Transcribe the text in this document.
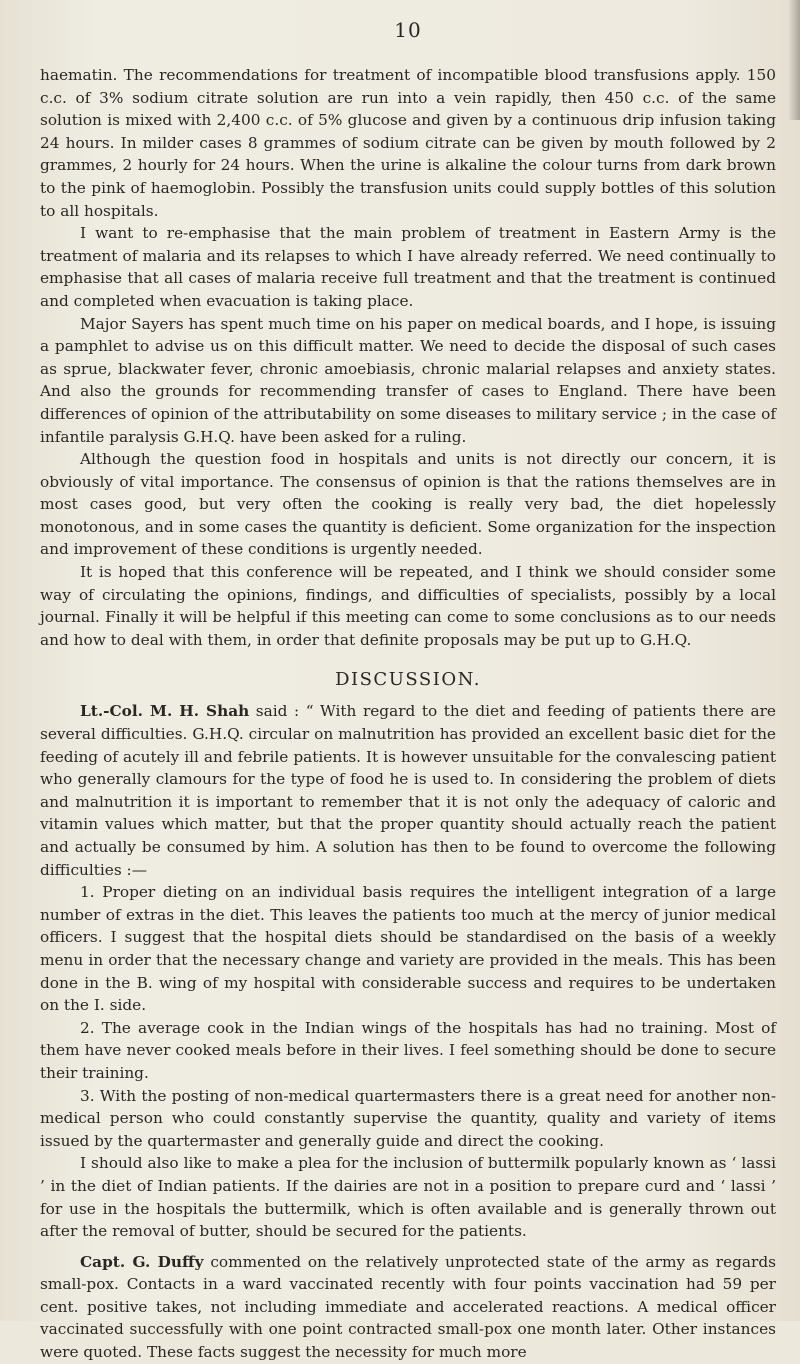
10

haematin. The recommendations for treatment of incompatible blood transfusions apply. 150 c.c. of 3% sodium citrate solution are run into a vein rapidly, then 450 c.c. of the same solution is mixed with 2,400 c.c. of 5% glucose and given by a continuous drip infusion taking 24 hours. In milder cases 8 grammes of sodium citrate can be given by mouth followed by 2 grammes, 2 hourly for 24 hours. When the urine is alkaline the colour turns from dark brown to the pink of haemoglobin. Possibly the transfusion units could supply bottles of this solution to all hospitals.

I want to re-emphasise that the main problem of treatment in Eastern Army is the treatment of malaria and its relapses to which I have already referred. We need continually to emphasise that all cases of malaria receive full treatment and that the treatment is continued and completed when evacuation is taking place.

Major Sayers has spent much time on his paper on medical boards, and I hope, is issuing a pamphlet to advise us on this difficult matter. We need to decide the disposal of such cases as sprue, blackwater fever, chronic amoebiasis, chronic malarial relapses and anxiety states. And also the grounds for recommending transfer of cases to England. There have been differences of opinion of the attributability on some diseases to military service ; in the case of infantile paralysis G.H.Q. have been asked for a ruling.

Although the question food in hospitals and units is not directly our concern, it is obviously of vital importance. The consensus of opinion is that the rations themselves are in most cases good, but very often the cooking is really very bad, the diet hopelessly monotonous, and in some cases the quantity is deficient. Some organization for the inspection and improvement of these conditions is urgently needed.

It is hoped that this conference will be repeated, and I think we should consider some way of circulating the opinions, findings, and difficulties of specialists, possibly by a local journal. Finally it will be helpful if this meeting can come to some conclusions as to our needs and how to deal with them, in order that definite proposals may be put up to G.H.Q.

DISCUSSION.

Lt.-Col. M. H. Shah said : “ With regard to the diet and feeding of patients there are several difficulties. G.H.Q. circular on malnutrition has provided an excellent basic diet for the feeding of acutely ill and febrile patients. It is however unsuitable for the convalescing patient who generally clamours for the type of food he is used to. In considering the problem of diets and malnutrition it is important to remember that it is not only the adequacy of caloric and vitamin values which matter, but that the proper quantity should actually reach the patient and actually be consumed by him. A solution has then to be found to overcome the following difficulties :—

1. Proper dieting on an individual basis requires the intelligent integration of a large number of extras in the diet. This leaves the patients too much at the mercy of junior medical officers. I suggest that the hospital diets should be standardised on the basis of a weekly menu in order that the necessary change and variety are provided in the meals. This has been done in the B. wing of my hospital with considerable success and requires to be undertaken on the I. side.

2. The average cook in the Indian wings of the hospitals has had no training. Most of them have never cooked meals before in their lives. I feel something should be done to secure their training.

3. With the posting of non-medical quartermasters there is a great need for another non-medical person who could constantly supervise the quantity, quality and variety of items issued by the quartermaster and generally guide and direct the cooking.

I should also like to make a plea for the inclusion of buttermilk popularly known as ‘ lassi ’ in the diet of Indian patients. If the dairies are not in a position to prepare curd and ‘ lassi ’ for use in the hospitals the buttermilk, which is often available and is generally thrown out after the removal of butter, should be secured for the patients.

Capt. G. Duffy commented on the relatively unprotected state of the army as regards small-pox. Contacts in a ward vaccinated recently with four points vaccination had 59 per cent. positive takes, not including immediate and accelerated reactions. A medical officer vaccinated successfully with one point contracted small-pox one month later. Other instances were quoted. These facts suggest the necessity for much more
